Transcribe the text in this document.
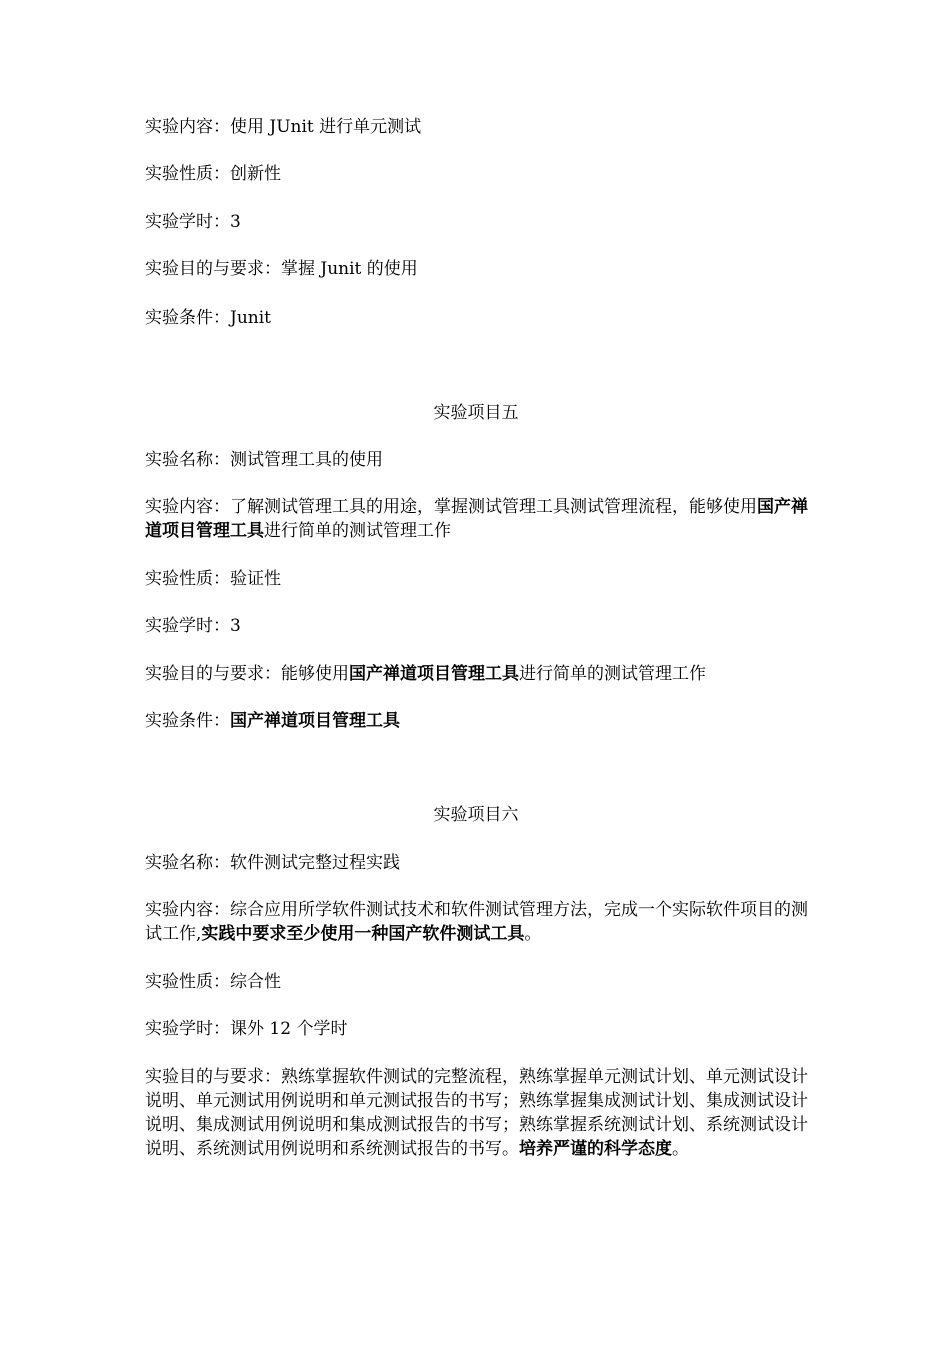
实验内容：使用 JUnit 进行单元测试

实验性质：创新性

实验学时：3

实验目的与要求：掌握 Junit 的使用

实验条件：Junit

实验项目五

实验名称：测试管理工具的使用

实验内容：了解测试管理工具的用途，掌握测试管理工具测试管理流程，能够使用国产禅道项目管理工具进行简单的测试管理工作

实验性质：验证性

实验学时：3

实验目的与要求：能够使用国产禅道项目管理工具进行简单的测试管理工作

实验条件：国产禅道项目管理工具

实验项目六

实验名称：软件测试完整过程实践

实验内容：综合应用所学软件测试技术和软件测试管理方法，完成一个实际软件项目的测试工作,实践中要求至少使用一种国产软件测试工具。

实验性质：综合性

实验学时：课外 12 个学时

实验目的与要求：熟练掌握软件测试的完整流程，熟练掌握单元测试计划、单元测试设计说明、单元测试用例说明和单元测试报告的书写；熟练掌握集成测试计划、集成测试设计说明、集成测试用例说明和集成测试报告的书写；熟练掌握系统测试计划、系统测试设计说明、系统测试用例说明和系统测试报告的书写。培养严谨的科学态度。
